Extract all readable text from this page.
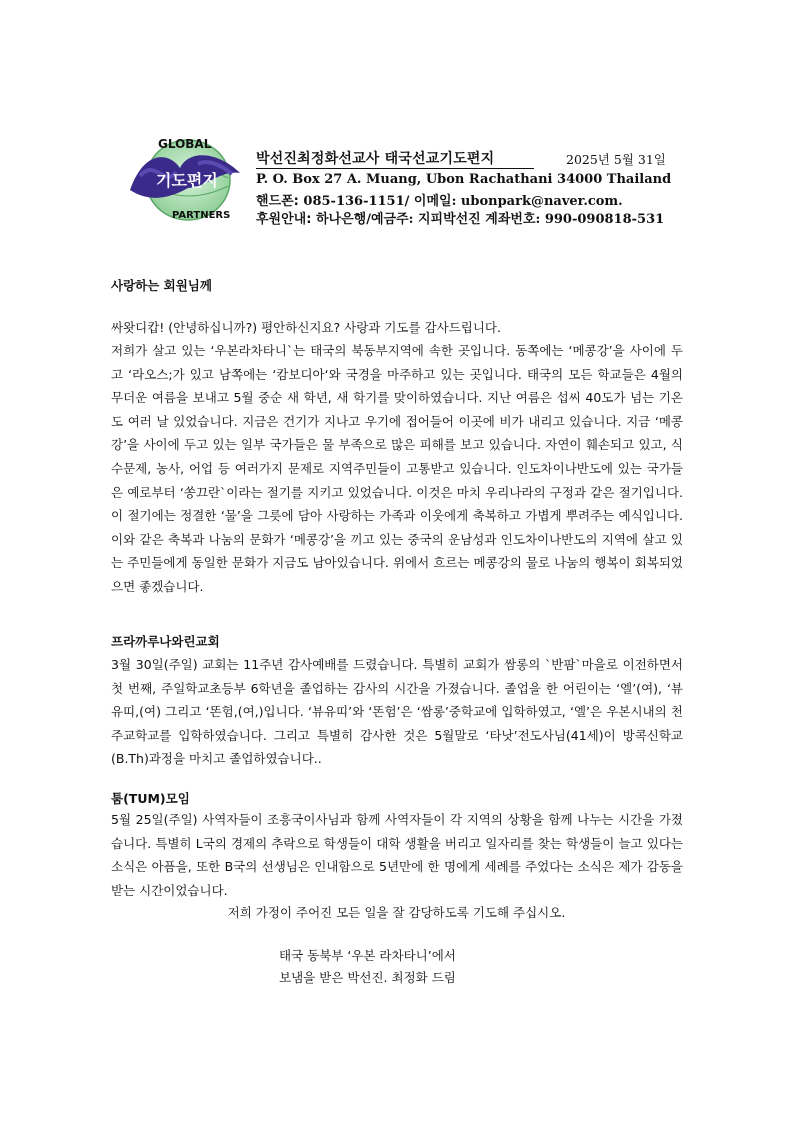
GLOBAL
기도편지
PARTNERS
박선진최정화선교사 태국선교기도편지	2025년 5월 31일
P. O. Box 27 A. Muang, Ubon Rachathani 34000 Thailand
핸드폰: 085-136-1151/ 이메일: ubonpark@naver.com.
후원안내: 하나은행/예금주: 지피박선진 계좌번호: 990-090818-531
사랑하는 회원님께
싸왓디캅! (안녕하십니까?) 평안하신지요? 사랑과 기도를 감사드립니다.
저희가 살고 있는 ‘우본라차타니`는 태국의 북동부지역에 속한 곳입니다. 동쪽에는 ‘메콩강’을 사이에 두고 ‘라오스;가 있고 남쪽에는 ‘캄보디아‘와 국경을 마주하고 있는 곳입니다. 태국의 모든 학교들은 4월의 무더운 여름을 보내고 5월 중순 새 학년, 새 학기를 맞이하였습니다. 지난 여름은 섭씨 40도가 넘는 기온도 여러 날 있었습니다. 지금은 건기가 지나고 우기에 접어들어 이곳에 비가 내리고 있습니다. 지금 ‘메콩강’을 사이에 두고 있는 일부 국가들은 물 부족으로 많은 피해를 보고 있습니다. 자연이 훼손되고 있고, 식수문제, 농사, 어업 등 여러가지 문제로 지역주민들이 고통받고 있습니다. 인도차이나반도에 있는 국가들은 예로부터 ‘쏭끄란`이라는 절기를 지키고 있었습니다. 이것은 마치 우리나라의 구정과 같은 절기입니다. 이 절기에는 정결한 ‘물’을 그릇에 담아 사랑하는 가족과 이웃에게 축복하고 가볍게 뿌려주는 예식입니다. 이와 같은 축복과 나눔의 문화가 ‘메콩강’을 끼고 있는 중국의 운남성과 인도차이나반도의 지역에 살고 있는 주민들에게 동일한 문화가 지금도 남아있습니다. 위에서 흐르는 메콩강의 물로 나눔의 행복이 회복되었으면 좋겠습니다.
프라까루나와린교회
3월 30일(주일) 교회는 11주년 감사예배를 드렸습니다. 특별히 교회가 쌈롱의 `반팜`마을로 이전하면서 첫 번째, 주일학교초등부 6학년을 졸업하는 감사의 시간을 가졌습니다. 졸업을 한 어린이는 ‘엘’(여), ‘뷰유띠,(여) 그리고 ‘똔험,(여,)입니다. ‘뷰유띠’와 ‘똔험’은 ‘쌈롱’중학교에 입학하였고, ‘엘’은 우본시내의 천주교학교를 입학하였습니다. 그리고 특별히 감사한 것은 5월말로 ‘타낫’전도사님(41세)이 방콕신학교(B.Th)과정을 마치고 졸업하였습니다..
툼(TUM)모임
5월 25일(주일) 사역자들이 조흥국이사님과 함께 사역자들이 각 지역의 상황을 함께 나누는 시간을 가졌습니다. 특별히 L국의 경제의 추락으로 학생들이 대학 생활을 버리고 일자리를 찾는 학생들이 늘고 있다는 소식은 아픔을, 또한 B국의 선생님은 인내함으로 5년만에 한 명에게 세례를 주었다는 소식은 제가 감동을 받는 시간이었습니다.
저희 가정이 주어진 모든 일을 잘 감당하도록 기도해 주십시오.
태국 동북부 ‘우본 라차타니’에서
보냄을 받은 박선진. 최정화 드림
